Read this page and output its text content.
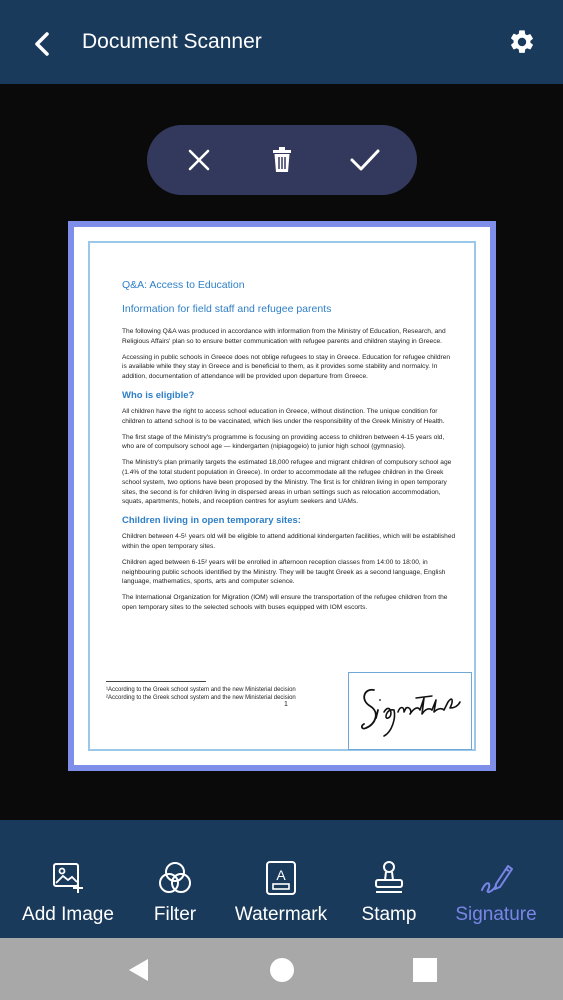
Document Scanner
Q&A: Access to Education
Information for field staff and refugee parents

The following Q&A was produced in accordance with information from the Ministry of Education, Research, and Religious Affairs' plan so to ensure better communication with refugee parents and children staying in Greece.

Accessing in public schools in Greece does not oblige refugees to stay in Greece. Education for refugee children is available while they stay in Greece and is beneficial to them, as it provides some stability and normalcy. In addition, documentation of attendance will be provided upon departure from Greece.

Who is eligible?

All children have the right to access school education in Greece, without distinction. The unique condition for children to attend school is to be vaccinated, which lies under the responsibility of the Greek Ministry of Health.

The first stage of the Ministry's programme is focusing on providing access to children between 4-15 years old, who are of compulsory school age — kindergarten (nipiagogeio) to junior high school (gymnasio).

The Ministry's plan primarily targets the estimated 18,000 refugee and migrant children of compulsory school age (1.4% of the total student population in Greece). In order to accommodate all the refugee children in the Greek school system, two options have been proposed by the Ministry. The first is for children living in open temporary sites, the second is for children living in dispersed areas in urban settings such as relocation accommodation, squats, apartments, hotels, and reception centres for asylum seekers and UAMs.

Children living in open temporary sites:

Children between 4-5¹ years old will be eligible to attend additional kindergarten facilities, which will be established within the open temporary sites.

Children aged between 6-15² years will be enrolled in afternoon reception classes from 14:00 to 18:00, in neighbouring public schools identified by the Ministry. They will be taught Greek as a second language, English language, mathematics, sports, arts and computer science.

The International Organization for Migration (IOM) will ensure the transportation of the refugee children from the open temporary sites to the selected schools with buses equipped with IOM escorts.

¹According to the Greek school system and the new Ministerial decision
²According to the Greek school system and the new Ministerial decision
1
Add Image Filter
A
Watermark Stamp Signature
